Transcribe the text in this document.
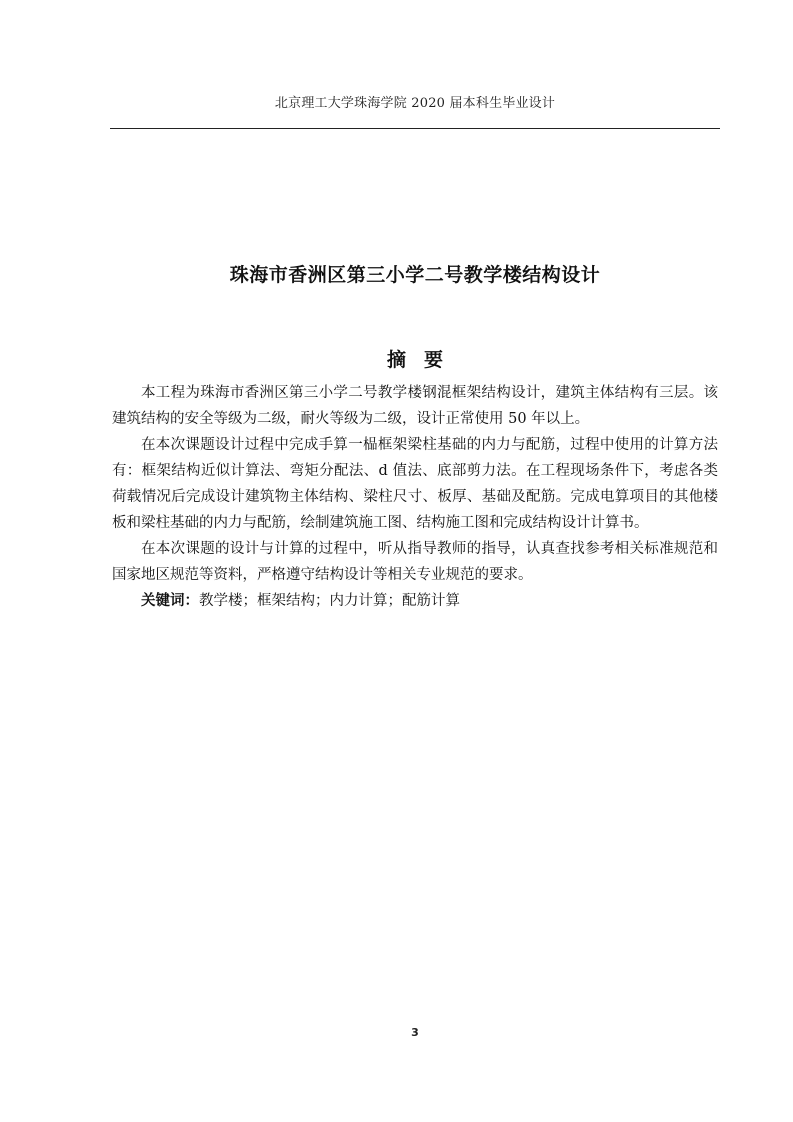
北京理工大学珠海学院 2020 届本科生毕业设计
珠海市香洲区第三小学二号教学楼结构设计
摘要

本工程为珠海市香洲区第三小学二号教学楼钢混框架结构设计，建筑主体结构有三层。该建筑结构的安全等级为二级，耐火等级为二级，设计正常使用 50 年以上。

在本次课题设计过程中完成手算一榀框架梁柱基础的内力与配筋，过程中使用的计算方法有：框架结构近似计算法、弯矩分配法、d 值法、底部剪力法。在工程现场条件下，考虑各类荷载情况后完成设计建筑物主体结构、梁柱尺寸、板厚、基础及配筋。完成电算项目的其他楼板和梁柱基础的内力与配筋，绘制建筑施工图、结构施工图和完成结构设计计算书。

在本次课题的设计与计算的过程中，听从指导教师的指导，认真查找参考相关标准规范和国家地区规范等资料，严格遵守结构设计等相关专业规范的要求。

关键词：教学楼；框架结构；内力计算；配筋计算

3
